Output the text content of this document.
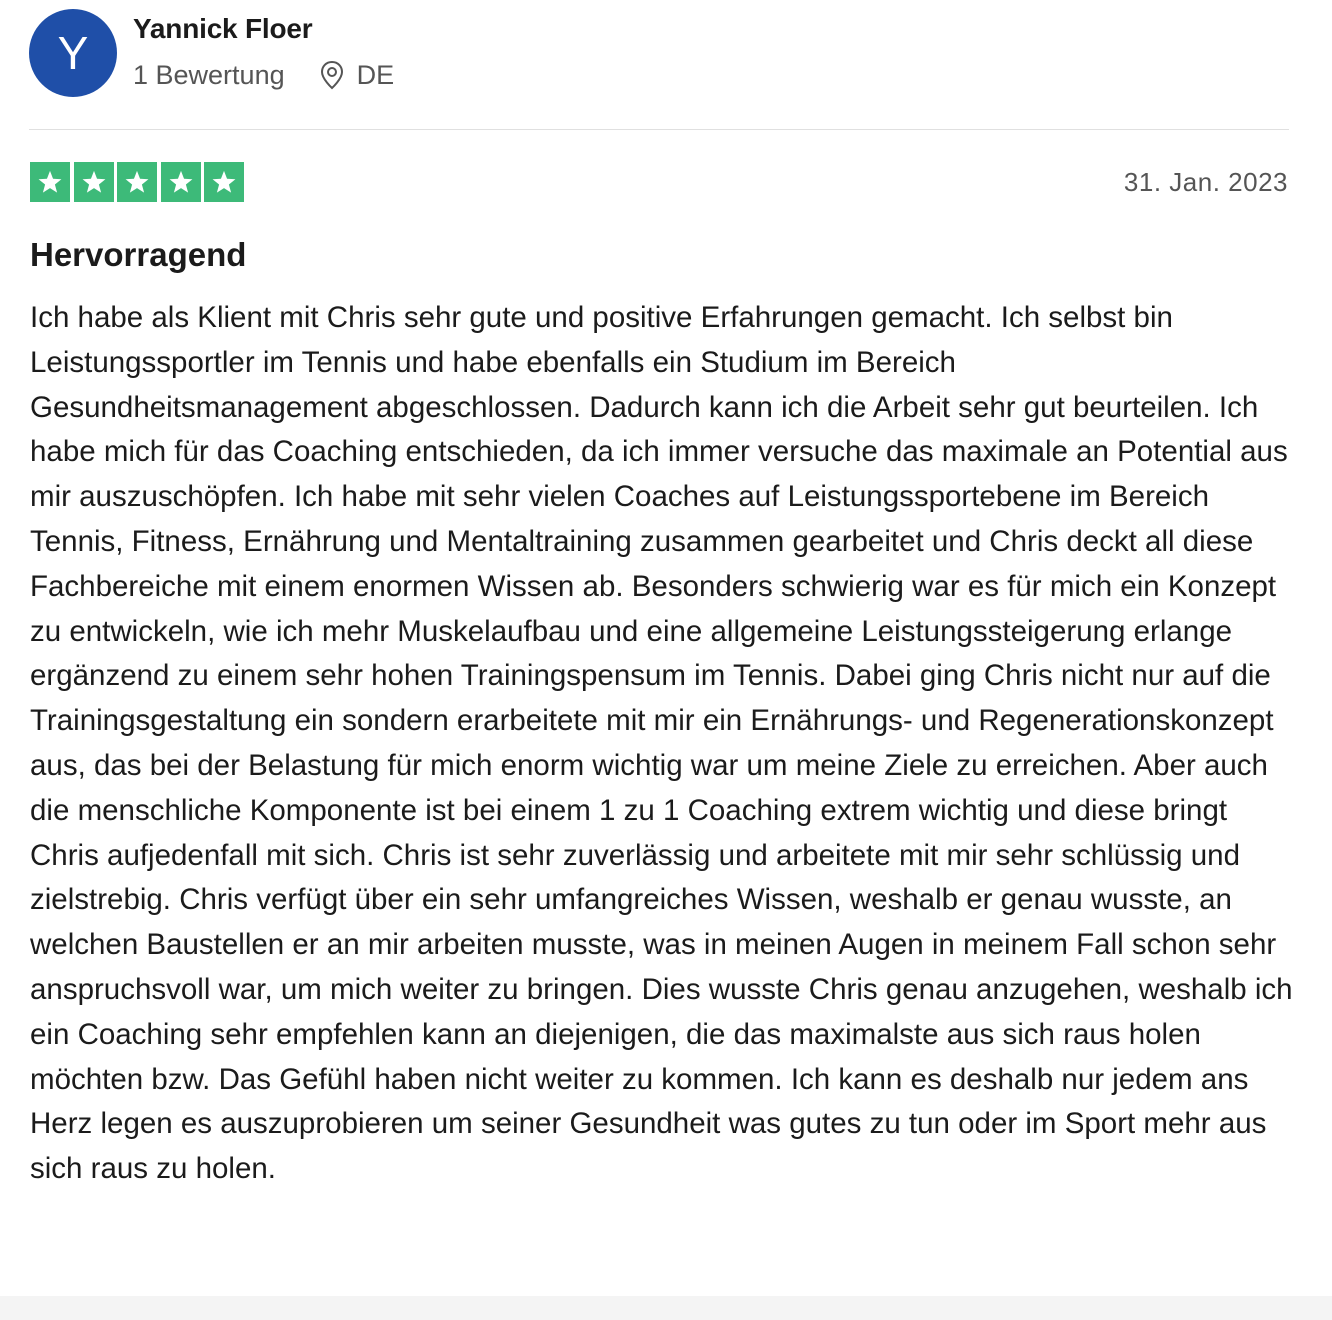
Y	Yannick Floer
1 Bewertung	DE
31. Jan. 2023
Hervorragend

Ich habe als Klient mit Chris sehr gute und positive Erfahrungen gemacht. Ich selbst bin Leistungssportler im Tennis und habe ebenfalls ein Studium im Bereich Gesundheitsmanagement abgeschlossen. Dadurch kann ich die Arbeit sehr gut beurteilen. Ich habe mich für das Coaching entschieden, da ich immer versuche das maximale an Potential aus mir auszuschöpfen. Ich habe mit sehr vielen Coaches auf Leistungssportebene im Bereich Tennis, Fitness, Ernährung und Mentaltraining zusammen gearbeitet und Chris deckt all diese Fachbereiche mit einem enormen Wissen ab. Besonders schwierig war es für mich ein Konzept zu entwickeln, wie ich mehr Muskelaufbau und eine allgemeine Leistungssteigerung erlange ergänzend zu einem sehr hohen Trainingspensum im Tennis. Dabei ging Chris nicht nur auf die Trainingsgestaltung ein sondern erarbeitete mit mir ein Ernährungs- und Regenerationskonzept aus, das bei der Belastung für mich enorm wichtig war um meine Ziele zu erreichen. Aber auch die menschliche Komponente ist bei einem 1 zu 1 Coaching extrem wichtig und diese bringt Chris aufjedenfall mit sich. Chris ist sehr zuverlässig und arbeitete mit mir sehr schlüssig und zielstrebig. Chris verfügt über ein sehr umfangreiches Wissen, weshalb er genau wusste, an welchen Baustellen er an mir arbeiten musste, was in meinen Augen in meinem Fall schon sehr anspruchsvoll war, um mich weiter zu bringen. Dies wusste Chris genau anzugehen, weshalb ich ein Coaching sehr empfehlen kann an diejenigen, die das maximalste aus sich raus holen möchten bzw. Das Gefühl haben nicht weiter zu kommen. Ich kann es deshalb nur jedem ans Herz legen es auszuprobieren um seiner Gesundheit was gutes zu tun oder im Sport mehr aus sich raus zu holen.
